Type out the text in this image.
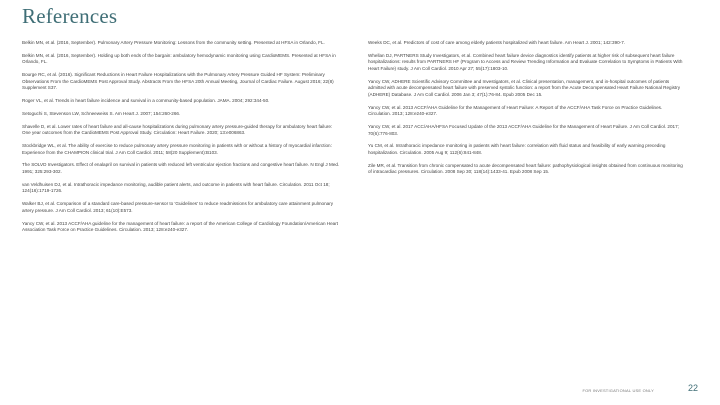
References

Belkin MN, et al. (2016, September). Pulmonary Artery Pressure Monitoring: Lessons from the community setting. Presented at HFSA in Orlando, FL.

Belkin MN, et al. (2016, September). Holding up both ends of the bargain: ambulatory hemodynamic monitoring using CardioMEMS. Presented at HFSA in Orlando, FL.

Bourge RC, et al. (2016). Significant Reductions in Heart Failure Hospitalizations with the Pulmonary Artery Pressure Guided HF System: Preliminary Observations From the CardioMEMS Post Approval Study. Abstracts From the HFSA 20th Annual Meeting, Journal of Cardiac Failure. August 2016; 22(8) Supplement S37.

Roger VL, et al. Trends in heart failure incidence and survival in a community-based population. JAMA. 2004; 292:344-50.

Setoguchi S, Stevenson LW, Schneeweiss S. Am Heart J. 2007; 154:260-266.

Shavelle D, et al. Lower rates of heart failure and all-cause hospitalizations during pulmonary artery pressure-guided therapy for ambulatory heart failure: One year outcomes from the CardioMEMS Post Approval Study. Circulation: Heart Failure. 2020; 13:e006863.

Stockbridge WL, et al. The ability of exercise to reduce pulmonary artery pressure monitoring in patients with or without a history of myocardial infarction: Experience from the CHAMPION clinical trial. J Am Coll Cardiol. 2011; 58(20 Supplement):B103.

The SOLVD Investigators. Effect of enalapril on survival in patients with reduced left ventricular ejection fractions and congestive heart failure. N Engl J Med. 1991; 325:293-302.

van Veldhuisen DJ, et al. Intrathoracic impedance monitoring, audible patient alerts, and outcome in patients with heart failure. Circulation. 2011 Oct 18; 124(16):1719-1726.

Walker BJ, et al. Comparison of a standard care-based pressure-sensor to 'Guidelines' to reduce readmissions for ambulatory care attainment pulmonary artery pressure. J Am Coll Cardiol. 2013; 61(10):E573.

Yancy CW, et al. 2013 ACCF/AHA guideline for the management of heart failure: a report of the American College of Cardiology Foundation/American Heart Association Task Force on Practice Guidelines. Circulation. 2013; 128:e240-e327.

Weeks DC, et al. Predictors of cost of care among elderly patients hospitalized with heart failure. Am Heart J. 2001; 142:390-7.

Whellan DJ, PARTNERS Study Investigators, et al. Combined heart failure device diagnostics identify patients at higher risk of subsequent heart failure hospitalizations: results from PARTNERS HF (Program to Access and Review Trending Information and Evaluate Correlation to Symptoms in Patients With Heart Failure) study. J Am Coll Cardiol. 2010 Apr 27; 55(17):1803-10.

Yancy CW, ADHERE Scientific Advisory Committee and Investigators, et al. Clinical presentation, management, and in-hospital outcomes of patients admitted with acute decompensated heart failure with preserved systolic function: a report from the Acute Decompensated Heart Failure National Registry (ADHERE) Database. J Am Coll Cardiol. 2006 Jan 3; 47(1):76-84. Epub 2005 Dec 15.

Yancy CW, et al. 2013 ACCF/AHA Guideline for the Management of Heart Failure: A Report of the ACCF/AHA Task Force on Practice Guidelines. Circulation. 2013; 128:e240-e327.

Yancy CW, et al. 2017 ACC/AHA/HFSA Focused Update of the 2013 ACCF/AHA Guideline for the Management of Heart Failure. J Am Coll Cardiol. 2017; 70(6):776-803.

Yu CM, et al. Intrathoracic impedance monitoring in patients with heart failure: correlation with fluid status and feasibility of early warning preceding hospitalization. Circulation. 2005 Aug 9; 112(6):841-848.

Zile MR, et al. Transition from chronic compensated to acute decompensated heart failure: pathophysiological insights obtained from continuous monitoring of intracardiac pressures. Circulation. 2008 Sep 30; 118(14):1433-41. Epub 2008 Sep 15.

FOR INVESTIGATIONAL USE ONLY	22
